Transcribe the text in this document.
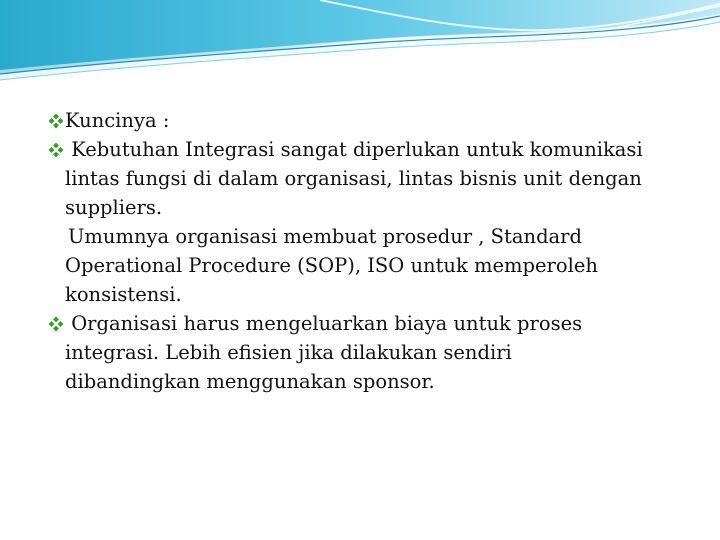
Kuncinya :
Kebutuhan Integrasi sangat diperlukan untuk komunikasi
lintas fungsi di dalam organisasi, lintas bisnis unit dengan
suppliers.
Umumnya organisasi membuat prosedur , Standard
Operational Procedure (SOP), ISO untuk memperoleh
konsistensi.
Organisasi harus mengeluarkan biaya untuk proses
integrasi. Lebih efisien jika dilakukan sendiri
dibandingkan menggunakan sponsor.
